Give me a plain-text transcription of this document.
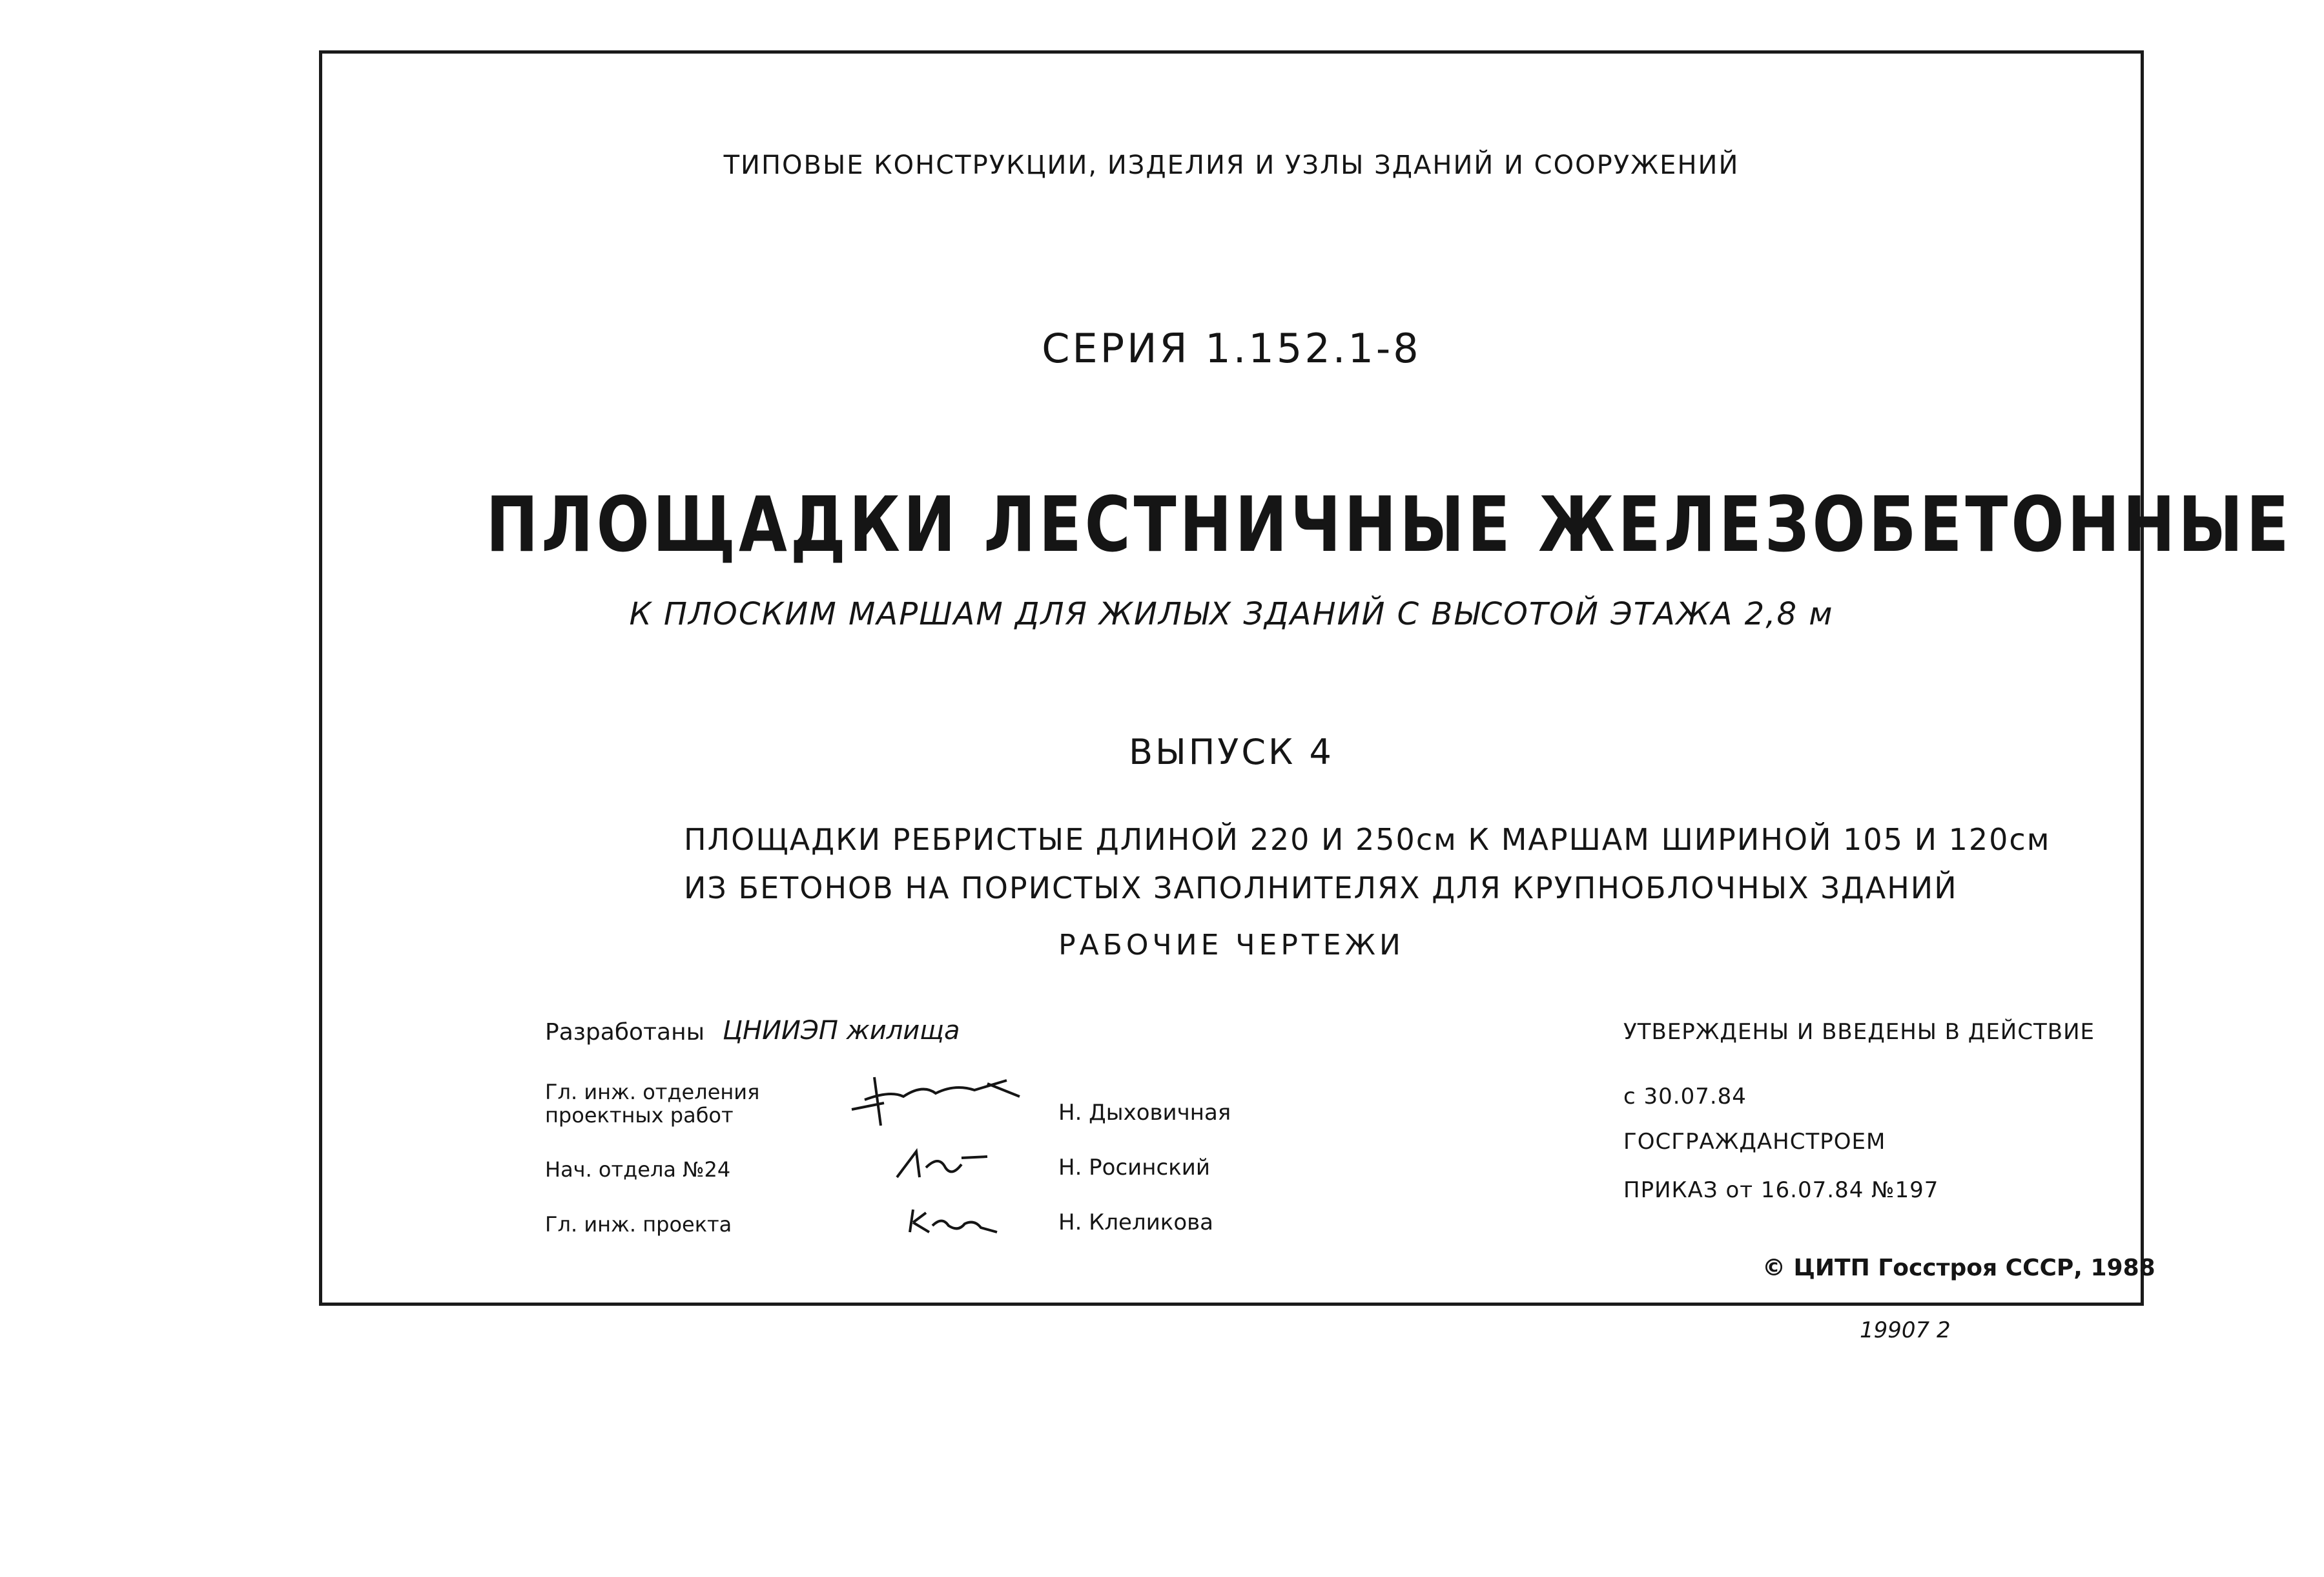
ТИПОВЫЕ КОНСТРУКЦИИ, ИЗДЕЛИЯ И УЗЛЫ ЗДАНИЙ И СООРУЖЕНИЙ
СЕРИЯ 1.152.1-8
ПЛОЩАДКИ ЛЕСТНИЧНЫЕ ЖЕЛЕЗОБЕТОННЫЕ
К ПЛОСКИМ МАРШАМ ДЛЯ ЖИЛЫХ ЗДАНИЙ С ВЫСОТОЙ ЭТАЖА 2,8 м
ВЫПУСК 4
ПЛОЩАДКИ РЕБРИСТЫЕ ДЛИНОЙ 220 И 250см К МАРШАМ ШИРИНОЙ 105 И 120см
ИЗ БЕТОНОВ НА ПОРИСТЫХ ЗАПОЛНИТЕЛЯХ ДЛЯ КРУПНОБЛОЧНЫХ ЗДАНИЙ
РАБОЧИЕ ЧЕРТЕЖИ
Разработаны ЦНИИЭП жилища
Гл. инж. отделения
проектных работ	Н. Дыховичная
Нач. отдела №24	Н. Росинский
Гл. инж. проекта	Н. Клеликова
УТВЕРЖДЕНЫ И ВВЕДЕНЫ В ДЕЙСТВИЕ
с 30.07.84
ГОСГРАЖДАНСТРОЕМ
ПРИКАЗ от 16.07.84 №197
© ЦИТП Госстроя СССР, 1988
19907 2
